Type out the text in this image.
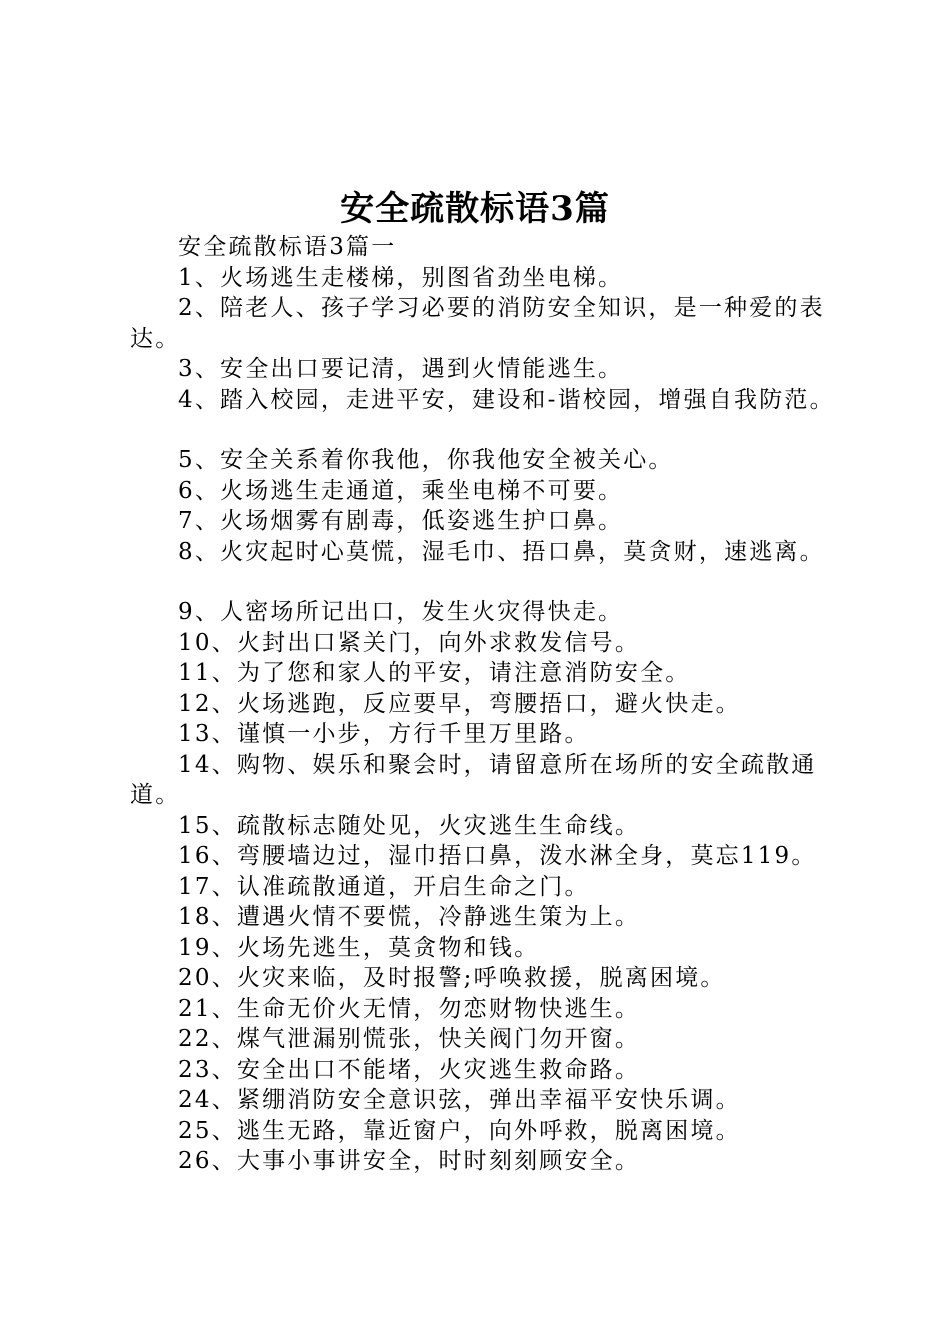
安全疏散标语3篇

安全疏散标语3篇一

1、火场逃生走楼梯，别图省劲坐电梯。

2、陪老人、孩子学习必要的消防安全知识，是一种爱的表达。

3、安全出口要记清，遇到火情能逃生。

4、踏入校园，走进平安，建设和-谐校园，增强自我防范。

5、安全关系着你我他，你我他安全被关心。

6、火场逃生走通道，乘坐电梯不可要。

7、火场烟雾有剧毒，低姿逃生护口鼻。

8、火灾起时心莫慌，湿毛巾、捂口鼻，莫贪财，速逃离。

9、人密场所记出口，发生火灾得快走。

10、火封出口紧关门，向外求救发信号。

11、为了您和家人的平安，请注意消防安全。

12、火场逃跑，反应要早，弯腰捂口，避火快走。

13、谨慎一小步，方行千里万里路。

14、购物、娱乐和聚会时，请留意所在场所的安全疏散通道。

15、疏散标志随处见，火灾逃生生命线。

16、弯腰墙边过，湿巾捂口鼻，泼水淋全身，莫忘119。

17、认准疏散通道，开启生命之门。

18、遭遇火情不要慌，冷静逃生策为上。

19、火场先逃生，莫贪物和钱。

20、火灾来临，及时报警;呼唤救援，脱离困境。

21、生命无价火无情，勿恋财物快逃生。

22、煤气泄漏别慌张，快关阀门勿开窗。

23、安全出口不能堵，火灾逃生救命路。

24、紧绷消防安全意识弦，弹出幸福平安快乐调。

25、逃生无路，靠近窗户，向外呼救，脱离困境。

26、大事小事讲安全，时时刻刻顾安全。
